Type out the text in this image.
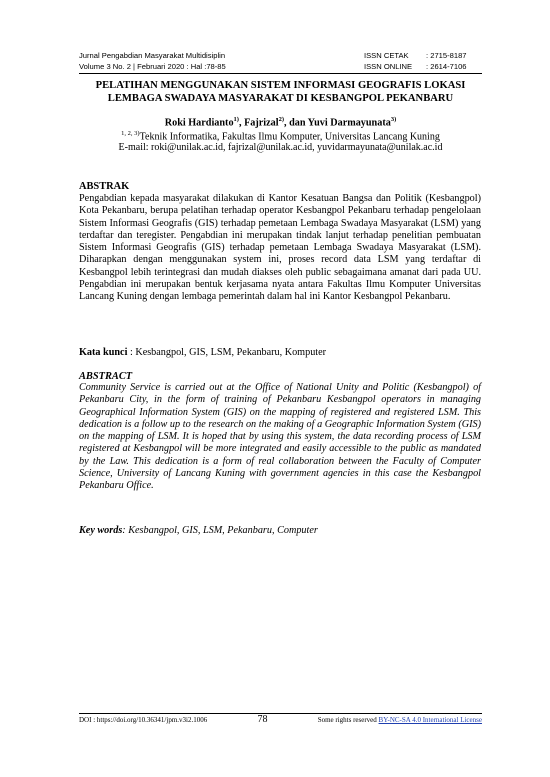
Jurnal Pengabdian Masyarakat Multidisiplin	ISSN CETAK	: 2715-8187
Volume 3 No. 2 | Februari 2020 : Hal :78-85	ISSN ONLINE	: 2614-7106
PELATIHAN MENGGUNAKAN SISTEM INFORMASI GEOGRAFIS LOKASI
LEMBAGA SWADAYA MASYARAKAT DI KESBANGPOL PEKANBARU
Roki Hardianto$^{1)}$, Fajrizal$^{2)}$, dan Yuvi Darmayunata$^{3)}$
$^{1, 2, 3)}$Teknik Informatika, Fakultas Ilmu Komputer, Universitas Lancang Kuning
E-mail: roki@unilak.ac.id, fajrizal@unilak.ac.id, yuvidarmayunata@unilak.ac.id
ABSTRAK
Pengabdian kepada masyarakat dilakukan di Kantor Kesatuan Bangsa dan Politik (Kesbangpol) Kota Pekanbaru, berupa pelatihan terhadap operator Kesbangpol Pekanbaru terhadap pengelolaan Sistem Informasi Geografis (GIS) terhadap pemetaan Lembaga Swadaya Masyarakat (LSM) yang terdaftar dan teregister. Pengabdian ini merupakan tindak lanjut terhadap penelitian pembuatan Sistem Informasi Geografis (GIS) terhadap pemetaan Lembaga Swadaya Masyarakat (LSM). Diharapkan dengan menggunakan system ini, proses record data LSM yang terdaftar di Kesbangpol lebih terintegrasi dan mudah diakses oleh public sebagaimana amanat dari pada UU. Pengabdian ini merupakan bentuk kerjasama nyata antara Fakultas Ilmu Komputer Universitas Lancang Kuning dengan lembaga pemerintah dalam hal ini Kantor Kesbangpol Pekanbaru.
Kata kunci : Kesbangpol, GIS, LSM, Pekanbaru, Komputer
ABSTRACT
Community Service is carried out at the Office of National Unity and Politic (Kesbangpol) of Pekanbaru City, in the form of training of Pekanbaru Kesbangpol operators in managing Geographical Information System (GIS) on the mapping of registered and registered LSM. This dedication is a follow up to the research on the making of a Geographic Information System (GIS) on the mapping of LSM. It is hoped that by using this system, the data recording process of LSM registered at Kesbangpol will be more integrated and easily accessible to the public as mandated by the Law. This dedication is a form of real collaboration between the Faculty of Computer Science, University of Lancang Kuning with government agencies in this case the Kesbangpol Pekanbaru Office.
Key words: Kesbangpol, GIS, LSM, Pekanbaru, Computer
DOI : https://doi.org/10.36341/jpm.v3i2.1006	78	Some rights reserved BY-NC-SA 4.0 International License
